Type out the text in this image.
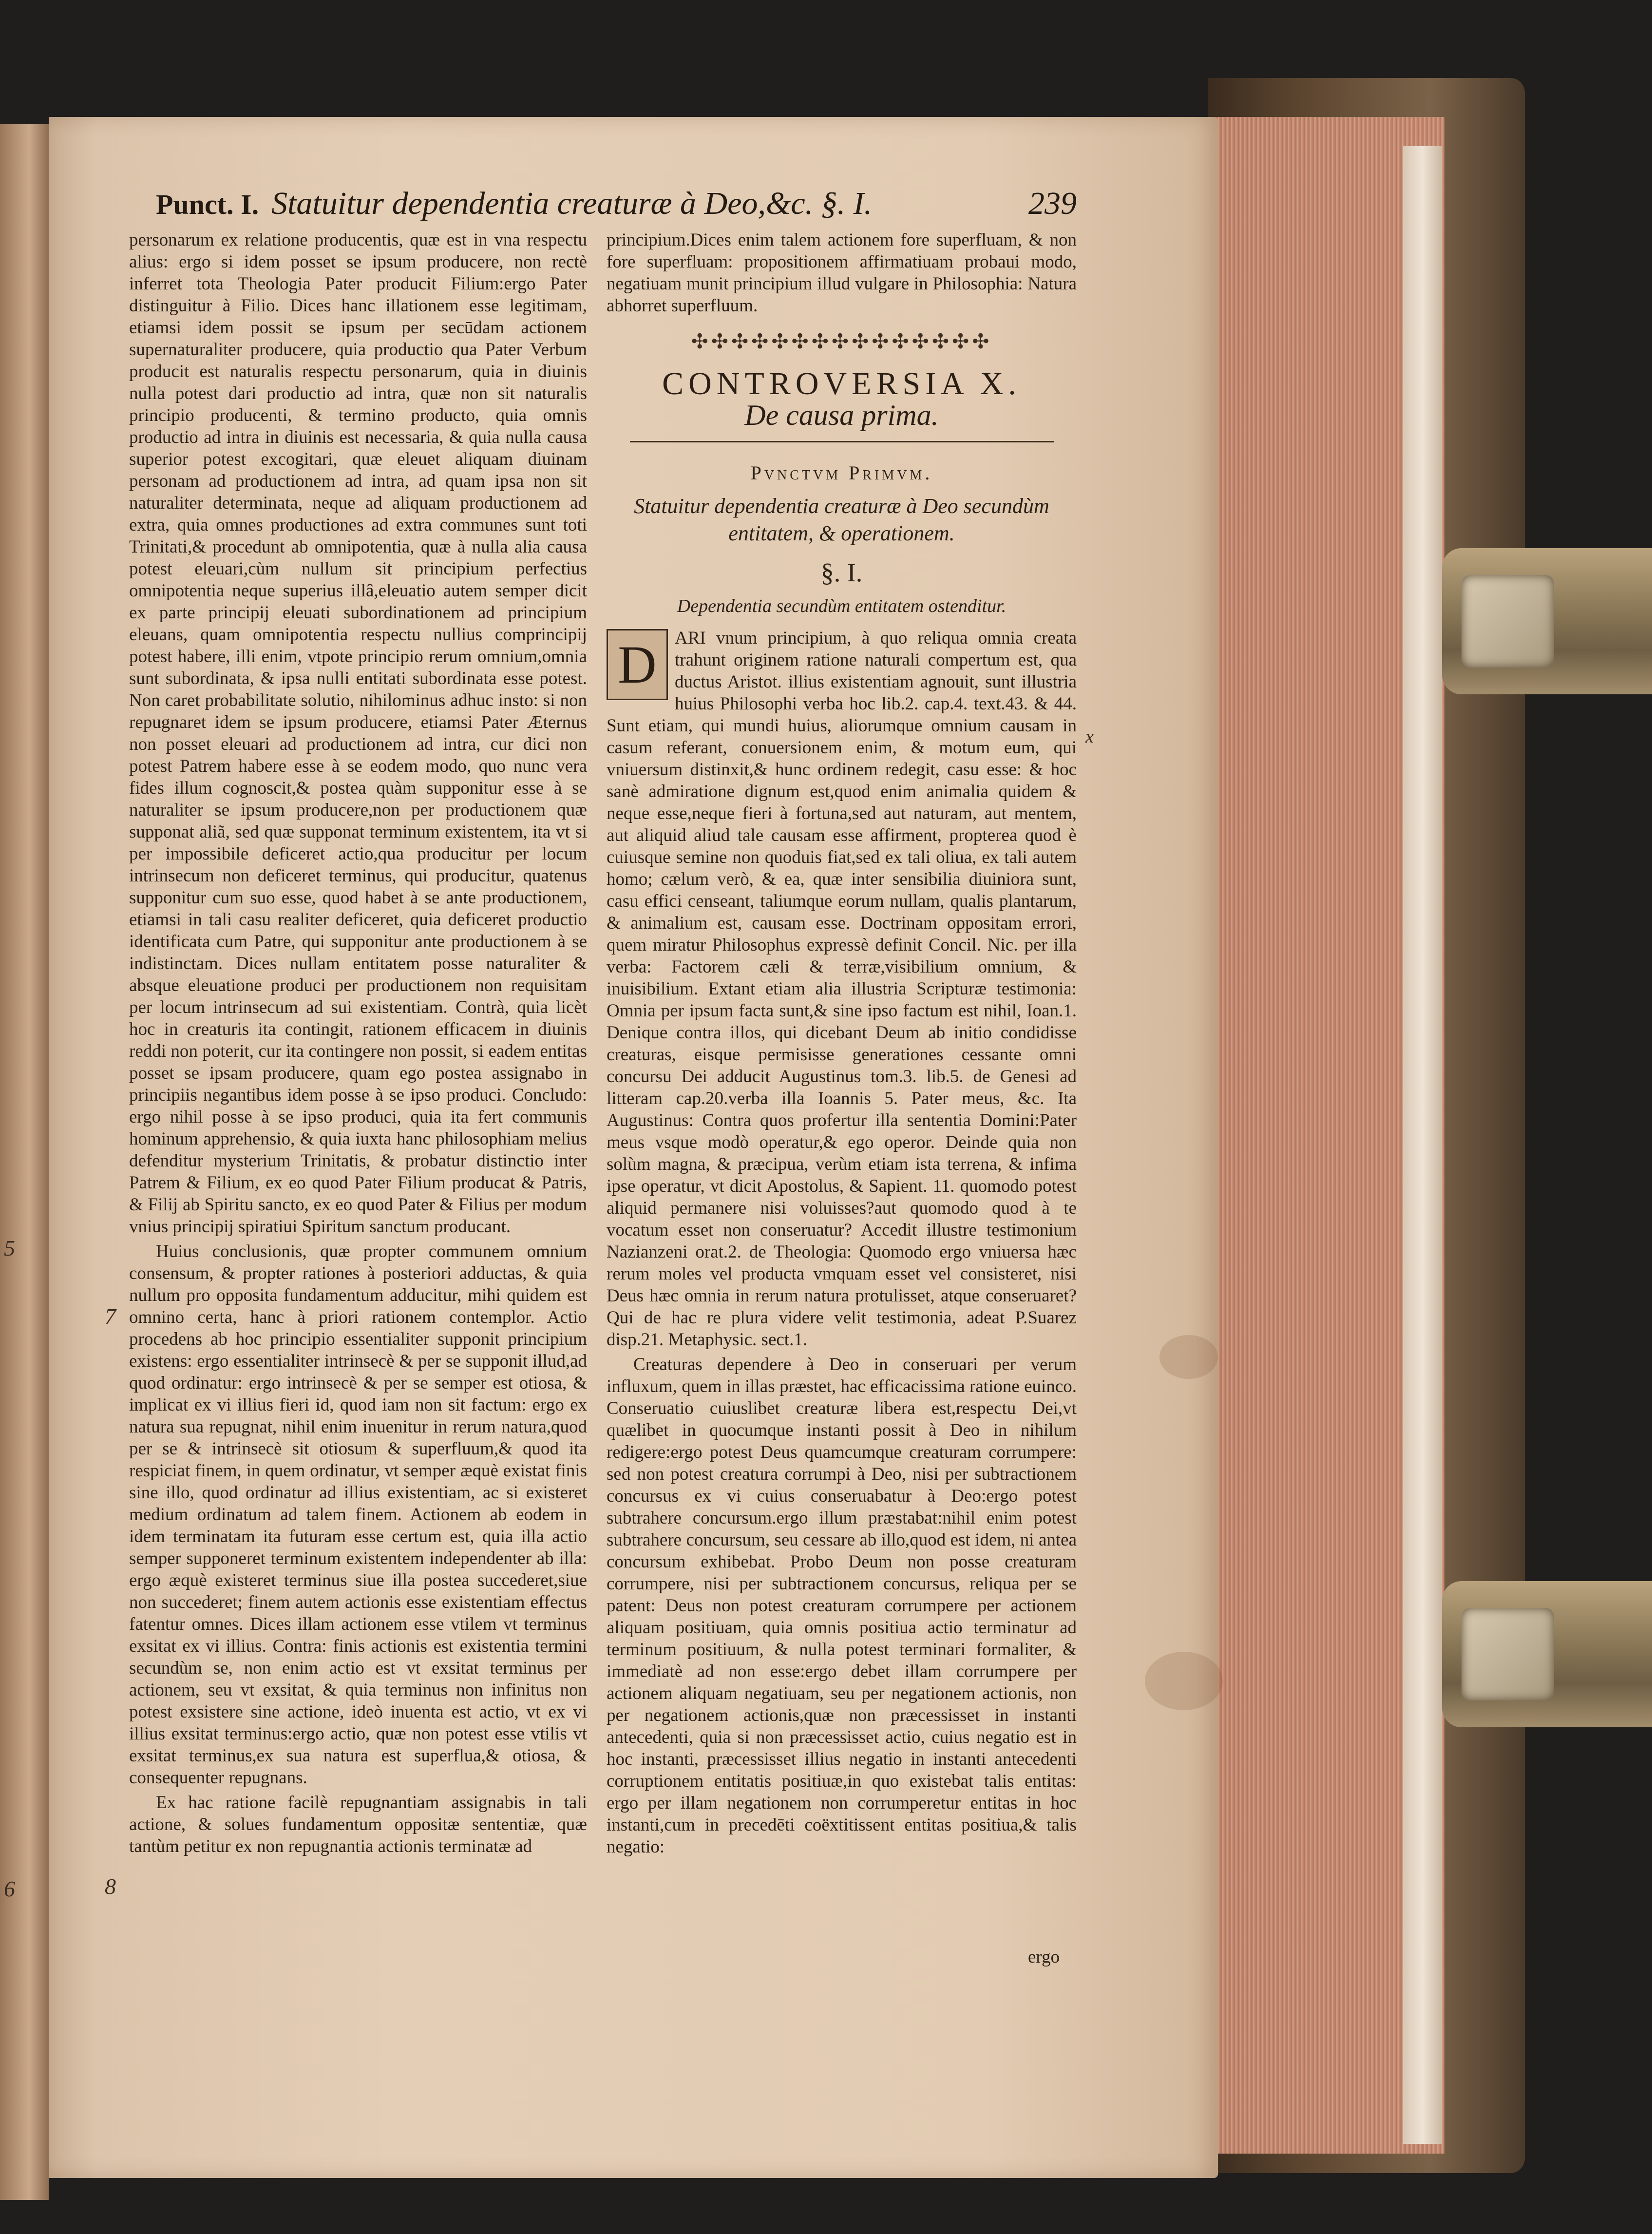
Punct. I. Statuitur dependentia creaturæ à Deo,&c. §. I.	239

personarum ex relatione producentis, quæ est in vna respectu alius: ergo si idem posset se ipsum producere, non rectè inferret tota Theologia Pater producit Filium:ergo Pater distinguitur à Filio. Dices hanc illationem esse legitimam, etiamsi idem possit se ipsum per secūdam actionem supernaturaliter producere, quia productio qua Pater Verbum producit est naturalis respectu personarum, quia in diuinis nulla potest dari productio ad intra, quæ non sit naturalis principio producenti, & termino producto, quia omnis productio ad intra in diuinis est necessaria, & quia nulla causa superior potest excogitari, quæ eleuet aliquam diuinam personam ad productionem ad intra, ad quam ipsa non sit naturaliter determinata, neque ad aliquam productionem ad extra, quia omnes productiones ad extra communes sunt toti Trinitati,& procedunt ab omnipotentia, quæ à nulla alia causa potest eleuari,cùm nullum sit principium perfectius omnipotentia neque superius illâ,eleuatio autem semper dicit ex parte principij eleuati subordinationem ad principium eleuans, quam omnipotentia respectu nullius comprincipij potest habere, illi enim, vtpote principio rerum omnium,omnia sunt subordinata, & ipsa nulli entitati subordinata esse potest. Non caret probabilitate solutio, nihilominus adhuc insto: si non repugnaret idem se ipsum producere, etiamsi Pater Æternus non posset eleuari ad productionem ad intra, cur dici non potest Patrem habere esse à se eodem modo, quo nunc vera fides illum cognoscit,& postea quàm supponitur esse à se naturaliter se ipsum producere,non per productionem quæ supponat aliã, sed quæ supponat terminum existentem, ita vt si per impossibile deficeret actio,qua producitur per locum intrinsecum non deficeret terminus, qui producitur, quatenus supponitur cum suo esse, quod habet à se ante productionem, etiamsi in tali casu realiter deficeret, quia deficeret productio identificata cum Patre, qui supponitur ante productionem à se indistinctam. Dices nullam entitatem posse naturaliter & absque eleuatione produci per productionem non requisitam per locum intrinsecum ad sui existentiam. Contrà, quia licèt hoc in creaturis ita contingit, rationem efficacem in diuinis reddi non poterit, cur ita contingere non possit, si eadem entitas posset se ipsam producere, quam ego postea assignabo in principiis negantibus idem posse à se ipso produci. Concludo: ergo nihil posse à se ipso produci, quia ita fert communis hominum apprehensio, & quia iuxta hanc philosophiam melius defenditur mysterium Trinitatis, & probatur distinctio inter Patrem & Filium, ex eo quod Pater Filium producat & Patris, & Filij ab Spiritu sancto, ex eo quod Pater & Filius per modum vnius principij spiratiui Spiritum sanctum producant.

Huius conclusionis, quæ propter communem omnium consensum, & propter rationes à posteriori adductas, & quia nullum pro opposita fundamentum adducitur, mihi quidem est omnino certa, hanc à priori rationem contemplor. Actio procedens ab hoc principio essentialiter supponit principium existens: ergo essentialiter intrinsecè & per se supponit illud,ad quod ordinatur: ergo intrinsecè & per se semper est otiosa, & implicat ex vi illius fieri id, quod iam non sit factum: ergo ex natura sua repugnat, nihil enim inuenitur in rerum natura,quod per se & intrinsecè sit otiosum & superfluum,& quod ita respiciat finem, in quem ordinatur, vt semper æquè existat finis sine illo, quod ordinatur ad illius existentiam, ac si existeret medium ordinatum ad talem finem. Actionem ab eodem in idem terminatam ita futuram esse certum est, quia illa actio semper supponeret terminum existentem independenter ab illa: ergo æquè existeret terminus siue illa postea succederet,siue non succederet; finem autem actionis esse existentiam effectus fatentur omnes. Dices illam actionem esse vtilem vt terminus exsitat ex vi illius. Contra: finis actionis est existentia termini secundùm se, non enim actio est vt exsitat terminus per actionem, seu vt exsitat, & quia terminus non infinitus non potest exsistere sine actione, ideò inuenta est actio, vt ex vi illius exsitat terminus:ergo actio, quæ non potest esse vtilis vt exsitat terminus,ex sua natura est superflua,& otiosa, & consequenter repugnans.

Ex hac ratione facilè repugnantiam assignabis in tali actione, & solues fundamentum oppositæ sententiæ, quæ tantùm petitur ex non repugnantia actionis terminatæ ad

principium.Dices enim talem actionem fore superfluam, & non fore superfluam: propositionem affirmatiuam probaui modo, negatiuam munit principium illud vulgare in Philosophia: Natura abhorret superfluum.

✣✣✣✣✣✣✣✣✣✣✣✣✣✣✣
CONTROVERSIA X.
De causa prima.
Pvnctvm Primvm.
Statuitur dependentia creaturæ à Deo secundùm entitatem, & operationem.
§. I.
Dependentia secundùm entitatem ostenditur.

D	ARI vnum principium, à quo reliqua omnia creata trahunt originem ratione naturali compertum est, qua ductus Aristot. illius existentiam agnouit, sunt illustria huius Philosophi verba hoc lib.2. cap.4. text.43. & 44. Sunt etiam, qui mundi huius, aliorumque omnium causam in casum referant, conuersionem enim, & motum eum, qui vniuersum distinxit,& hunc ordinem redegit, casu esse: & hoc sanè admiratione dignum est,quod enim animalia quidem & neque esse,neque fieri à fortuna,sed aut naturam, aut mentem, aut aliquid aliud tale causam esse affirment, propterea quod è cuiusque semine non quoduis fiat,sed ex tali oliua, ex tali autem homo; cælum verò, & ea, quæ inter sensibilia diuiniora sunt, casu effici censeant, taliumque eorum nullam, qualis plantarum, & animalium est, causam esse. Doctrinam oppositam errori, quem miratur Philosophus expressè definit Concil. Nic. per illa verba: Factorem cæli & terræ,visibilium omnium, & inuisibilium. Extant etiam alia illustria Scripturæ testimonia: Omnia per ipsum facta sunt,& sine ipso factum est nihil, Ioan.1. Denique contra illos, qui dicebant Deum ab initio condidisse creaturas, eisque permisisse generationes cessante omni concursu Dei adducit Augustinus tom.3. lib.5. de Genesi ad litteram cap.20.verba illa Ioannis 5. Pater meus, &c. Ita Augustinus: Contra quos profertur illa sententia Domini:Pater meus vsque modò operatur,& ego operor. Deinde quia non solùm magna, & præcipua, verùm etiam ista terrena, & infima ipse operatur, vt dicit Apostolus, & Sapient. 11. quomodo potest aliquid permanere nisi voluisses?aut quomodo quod à te vocatum esset non conseruatur? Accedit illustre testimonium Nazianzeni orat.2. de Theologia: Quomodo ergo vniuersa hæc rerum moles vel producta vmquam esset vel consisteret, nisi Deus hæc omnia in rerum natura protulisset, atque conseruaret? Qui de hac re plura videre velit testimonia, adeat P.Suarez disp.21. Metaphysic. sect.1.

Creaturas dependere à Deo in conseruari per verum influxum, quem in illas præstet, hac efficacissima ratione euinco. Conseruatio cuiuslibet creaturæ libera est,respectu Dei,vt quælibet in quocumque instanti possit à Deo in nihilum redigere:ergo potest Deus quamcumque creaturam corrumpere: sed non potest creatura corrumpi à Deo, nisi per subtractionem concursus ex vi cuius conseruabatur à Deo:ergo potest subtrahere concursum.ergo illum præstabat:nihil enim potest subtrahere concursum, seu cessare ab illo,quod est idem, ni antea concursum exhibebat. Probo Deum non posse creaturam corrumpere, nisi per subtractionem concursus, reliqua per se patent: Deus non potest creaturam corrumpere per actionem aliquam positiuam, quia omnis positiua actio terminatur ad terminum positiuum, & nulla potest terminari formaliter, & immediatè ad non esse:ergo debet illam corrumpere per actionem aliquam negatiuam, seu per negationem actionis, non per negationem actionis,quæ non præcessisset in instanti antecedenti, quia si non præcessisset actio, cuius negatio est in hoc instanti, præcessisset illius negatio in instanti antecedenti corruptionem entitatis positiuæ,in quo existebat talis entitas: ergo per illam negationem non corrumperetur entitas in hoc instanti,cum in precedēti coëxtitissent entitas positiua,& talis negatio:

ergo
5
7
6	8
x
